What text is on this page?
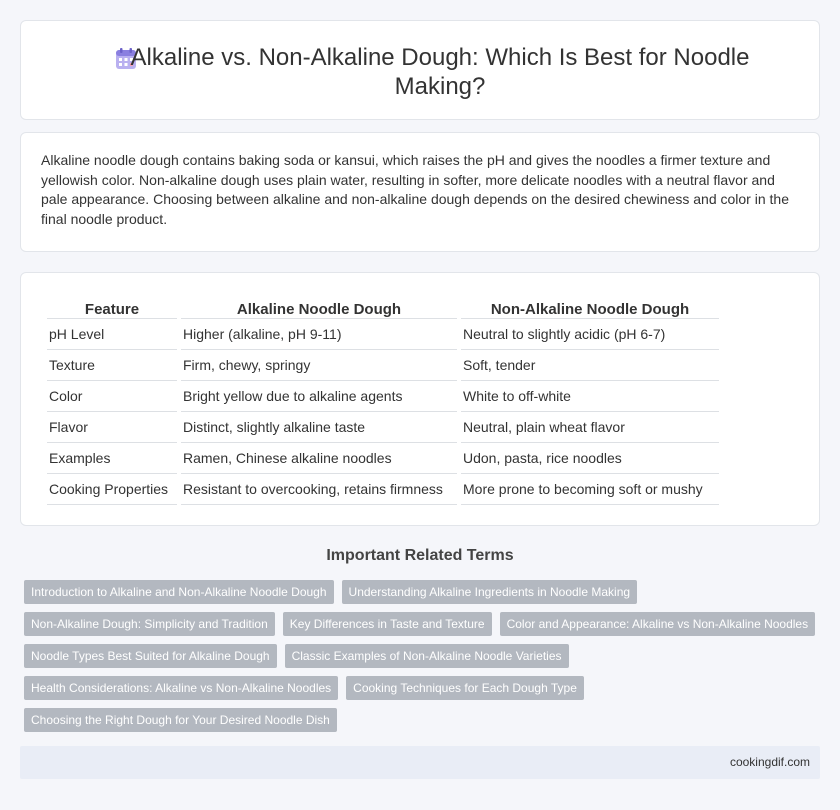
Alkaline vs. Non-Alkaline Dough: Which Is Best for Noodle Making?

Alkaline noodle dough contains baking soda or kansui, which raises the pH and gives the noodles a firmer texture and yellowish color. Non-alkaline dough uses plain water, resulting in softer, more delicate noodles with a neutral flavor and pale appearance. Choosing between alkaline and non-alkaline dough depends on the desired chewiness and color in the final noodle product.

Feature	Alkaline Noodle Dough	Non-Alkaline Noodle Dough
pH Level	Higher (alkaline, pH 9-11)	Neutral to slightly acidic (pH 6-7)
Texture	Firm, chewy, springy	Soft, tender
Color	Bright yellow due to alkaline agents	White to off-white
Flavor	Distinct, slightly alkaline taste	Neutral, plain wheat flavor
Examples	Ramen, Chinese alkaline noodles	Udon, pasta, rice noodles
Cooking Properties	Resistant to overcooking, retains firmness	More prone to becoming soft or mushy
Important Related Terms
Introduction to Alkaline and Non-Alkaline Noodle Dough	Understanding Alkaline Ingredients in Noodle Making
Non-Alkaline Dough: Simplicity and Tradition	Key Differences in Taste and Texture	Color and Appearance: Alkaline vs Non-Alkaline Noodles
Noodle Types Best Suited for Alkaline Dough	Classic Examples of Non-Alkaline Noodle Varieties
Health Considerations: Alkaline vs Non-Alkaline Noodles	Cooking Techniques for Each Dough Type
Choosing the Right Dough for Your Desired Noodle Dish
cookingdif.com
